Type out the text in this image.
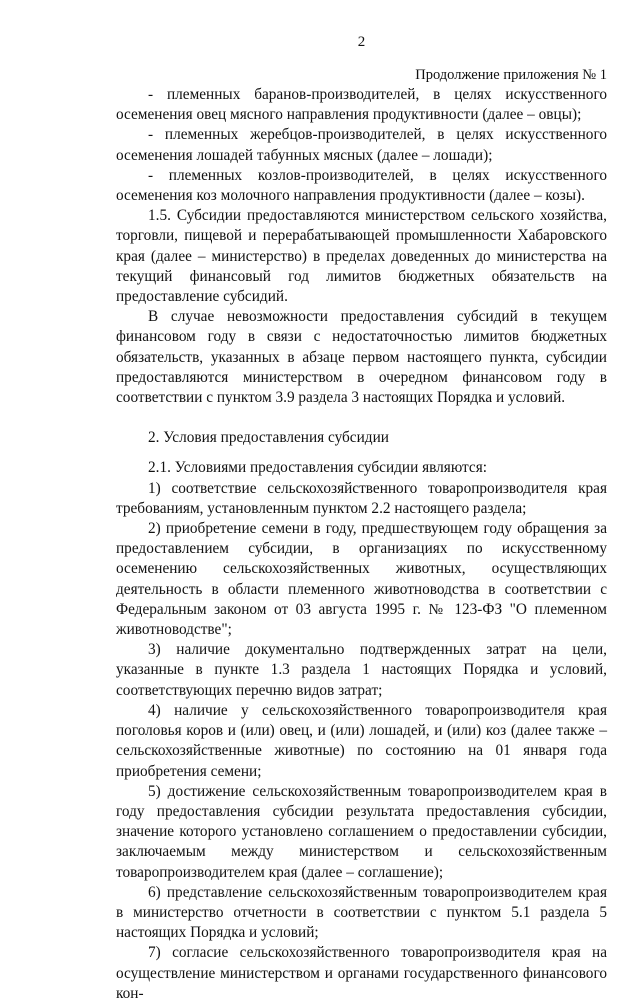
2
Продолжение приложения № 1

- племенных баранов-производителей, в целях искусственного осеменения овец мясного направления продуктивности (далее – овцы);

- племенных жеребцов-производителей, в целях искусственного осеменения лошадей табунных мясных (далее – лошади);

- племенных козлов-производителей, в целях искусственного осеменения коз молочного направления продуктивности (далее – козы).

1.5. Субсидии предоставляются министерством сельского хозяйства, торговли, пищевой и перерабатывающей промышленности Хабаровского края (далее – министерство) в пределах доведенных до министерства на текущий финансовый год лимитов бюджетных обязательств на предоставление субсидий.

В случае невозможности предоставления субсидий в текущем финансовом году в связи с недостаточностью лимитов бюджетных обязательств, указанных в абзаце первом настоящего пункта, субсидии предоставляются министерством в очередном финансовом году в соответствии с пунктом 3.9 раздела 3 настоящих Порядка и условий.

2. Условия предоставления субсидии

2.1. Условиями предоставления субсидии являются:

1) соответствие сельскохозяйственного товаропроизводителя края требованиям, установленным пунктом 2.2 настоящего раздела;

2) приобретение семени в году, предшествующем году обращения за предоставлением субсидии, в организациях по искусственному осеменению сельскохозяйственных животных, осуществляющих деятельность в области племенного животноводства в соответствии с Федеральным законом от 03 августа 1995 г. № 123-ФЗ "О племенном животноводстве";

3) наличие документально подтвержденных затрат на цели, указанные в пункте 1.3 раздела 1 настоящих Порядка и условий, соответствующих перечню видов затрат;

4) наличие у сельскохозяйственного товаропроизводителя края поголовья коров и (или) овец, и (или) лошадей, и (или) коз (далее также – сельскохозяйственные животные) по состоянию на 01 января года приобретения семени;

5) достижение сельскохозяйственным товаропроизводителем края в году предоставления субсидии результата предоставления субсидии, значение которого установлено соглашением о предоставлении субсидии, заключаемым между министерством и сельскохозяйственным товаропроизводителем края (далее – соглашение);

6) представление сельскохозяйственным товаропроизводителем края в министерство отчетности в соответствии с пунктом 5.1 раздела 5 настоящих Порядка и условий;

7) согласие сельскохозяйственного товаропроизводителя края на осуществление министерством и органами государственного финансового кон-
